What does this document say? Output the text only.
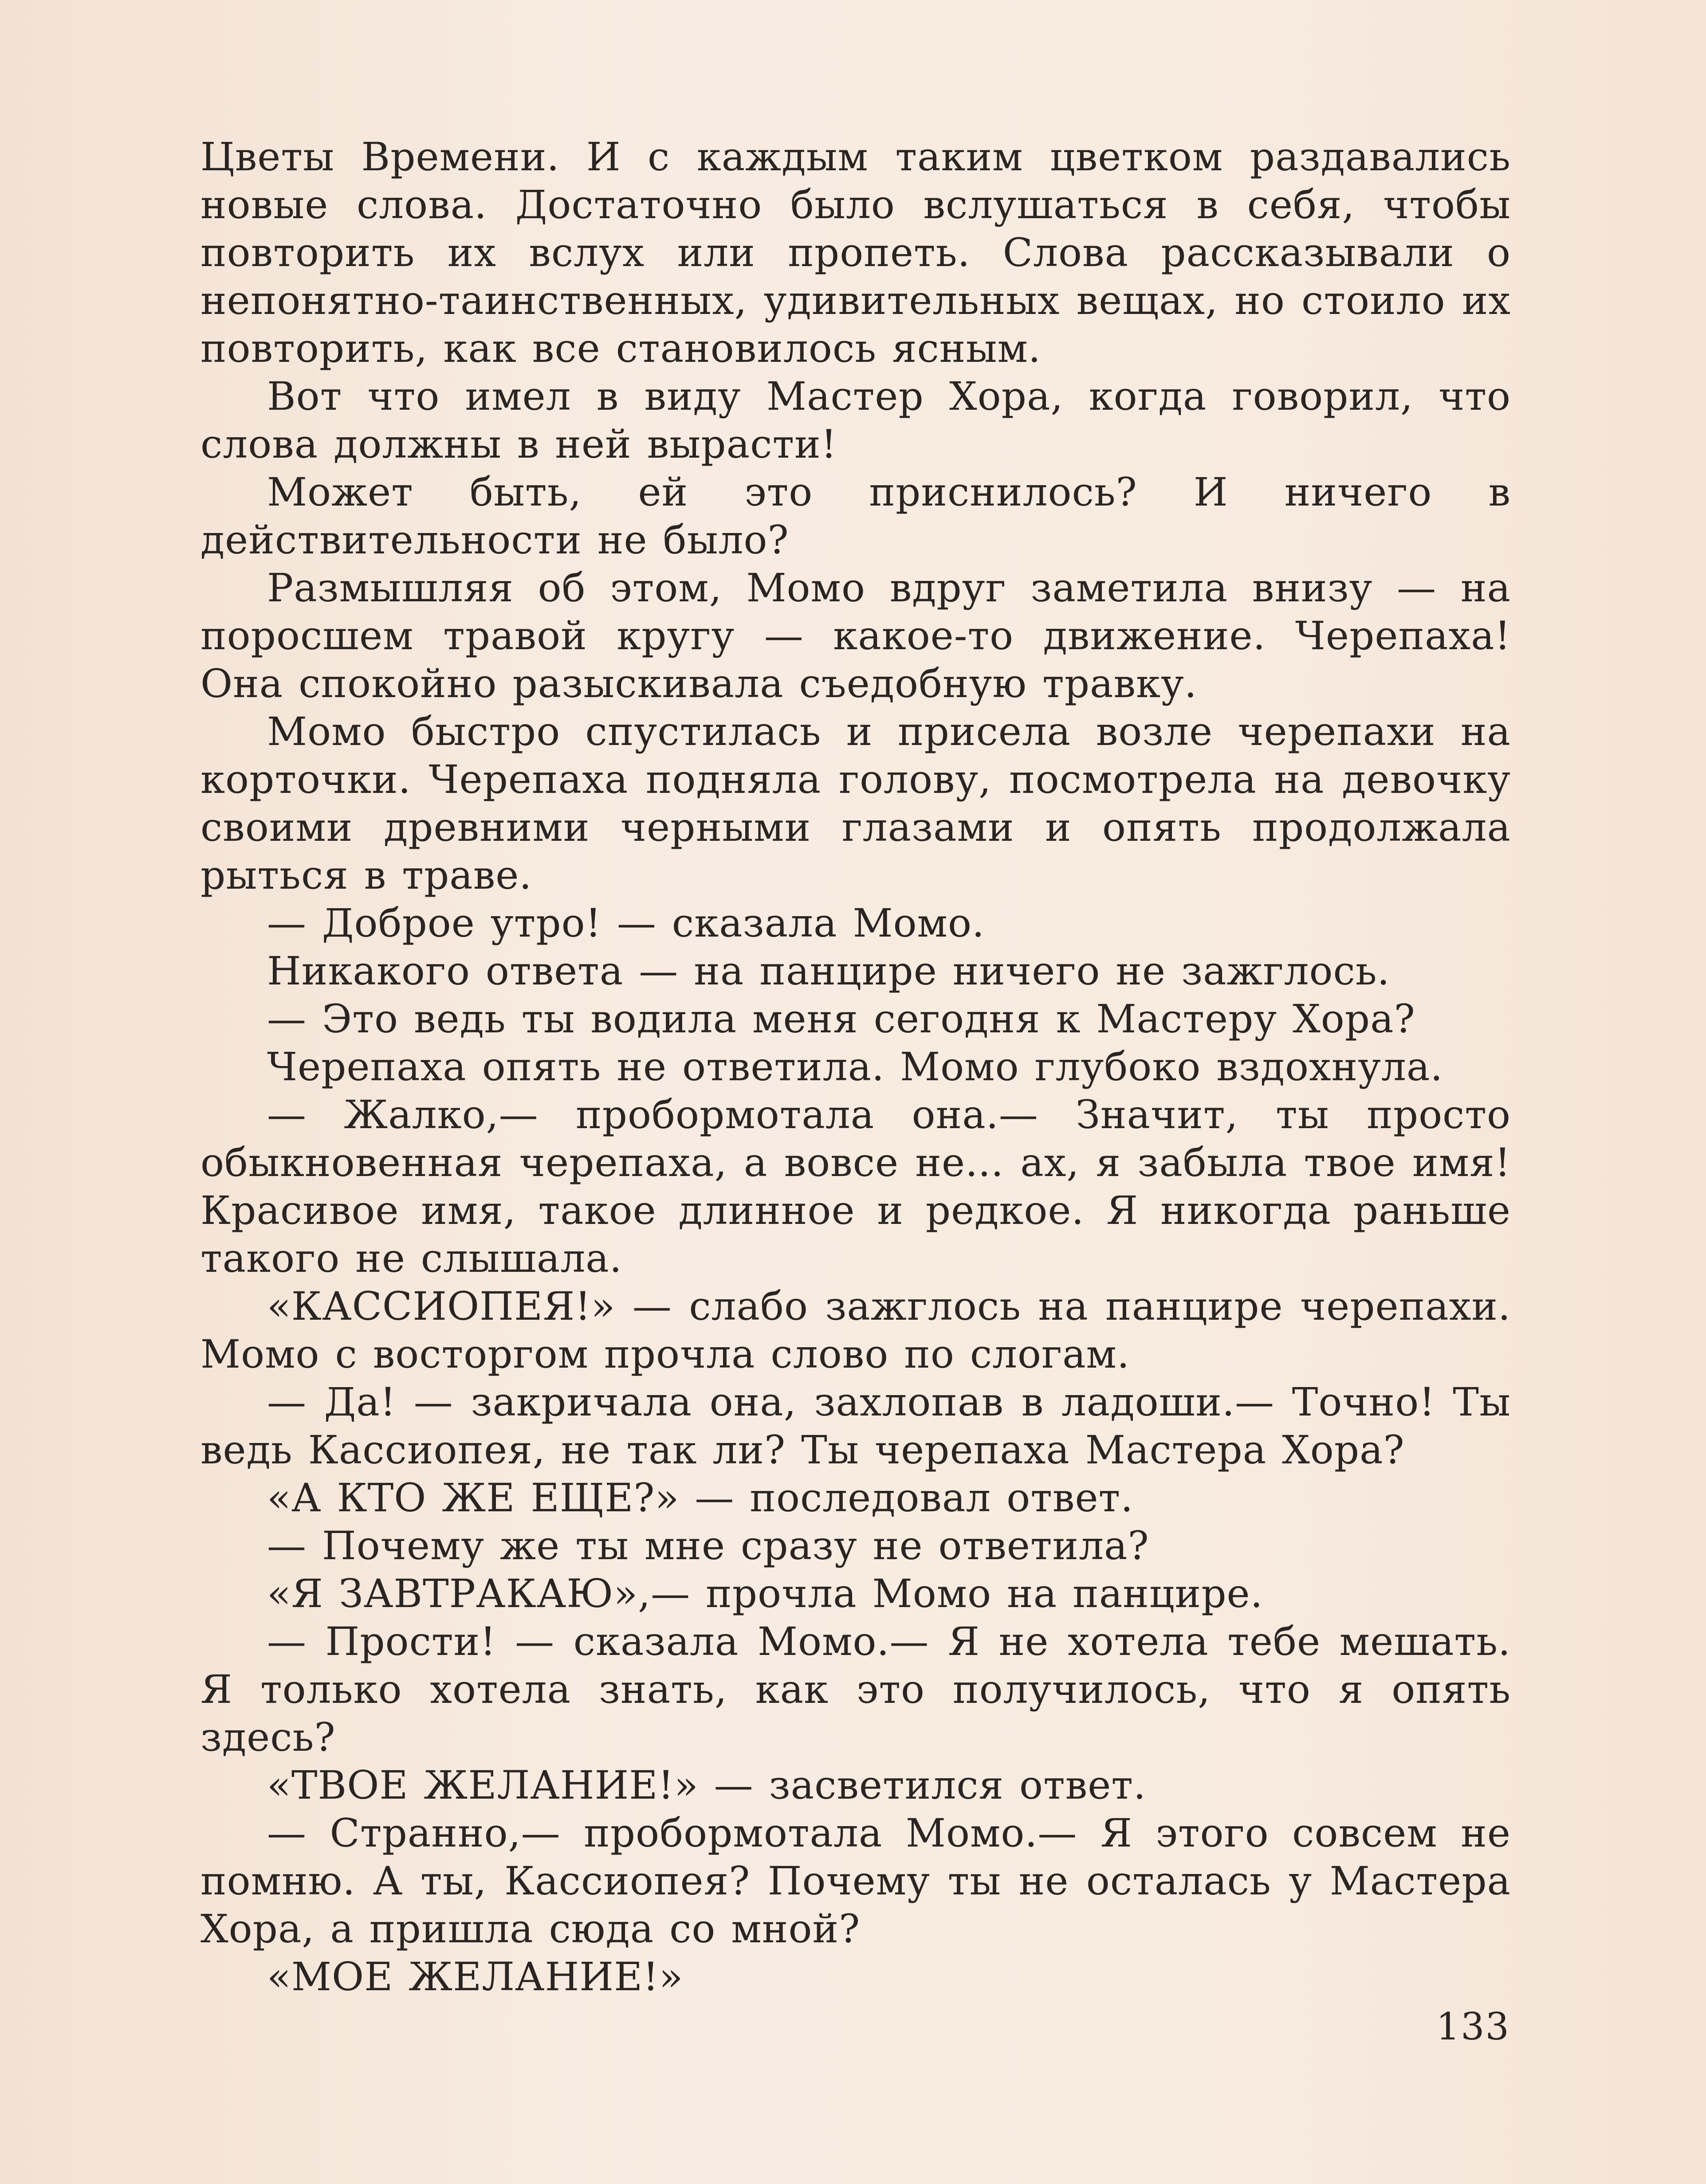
Цветы Времени. И с каждым таким цветком раздавались новые слова. Достаточно было вслушаться в себя, чтобы повторить их вслух или пропеть. Слова рассказывали о непонятно-таинственных, удивительных вещах, но стоило их повторить, как все становилось ясным.

Вот что имел в виду Мастер Хора, когда говорил, что слова должны в ней вырасти!

Может быть, ей это приснилось? И ничего в действительности не было?

Размышляя об этом, Момо вдруг заметила внизу — на поросшем травой кругу — какое-то движение. Черепаха! Она спокойно разыскивала съедобную травку.

Момо быстро спустилась и присела возле черепахи на корточки. Черепаха подняла голову, посмотрела на девочку своими древними черными глазами и опять продолжала рыться в траве.

— Доброе утро! — сказала Момо.

Никакого ответа — на панцире ничего не зажглось.

— Это ведь ты водила меня сегодня к Мастеру Хора?

Черепаха опять не ответила. Момо глубоко вздохнула.

— Жалко,— пробормотала она.— Значит, ты просто обыкновенная черепаха, а вовсе не... ах, я забыла твое имя! Красивое имя, такое длинное и редкое. Я никогда раньше такого не слышала.

«КАССИОПЕЯ!» — слабо зажглось на панцире черепахи. Момо с восторгом прочла слово по слогам.

— Да! — закричала она, захлопав в ладоши.— Точно! Ты ведь Кассиопея, не так ли? Ты черепаха Мастера Хора?

«А КТО ЖЕ ЕЩЕ?» — последовал ответ.

— Почему же ты мне сразу не ответила?

«Я ЗАВТРАКАЮ»,— прочла Момо на панцире.

— Прости! — сказала Момо.— Я не хотела тебе мешать. Я только хотела знать, как это получилось, что я опять здесь?

«ТВОЕ ЖЕЛАНИЕ!» — засветился ответ.

— Странно,— пробормотала Момо.— Я этого совсем не помню. А ты, Кассиопея? Почему ты не осталась у Мастера Хора, а пришла сюда со мной?

«МОЕ ЖЕЛАНИЕ!»

133
